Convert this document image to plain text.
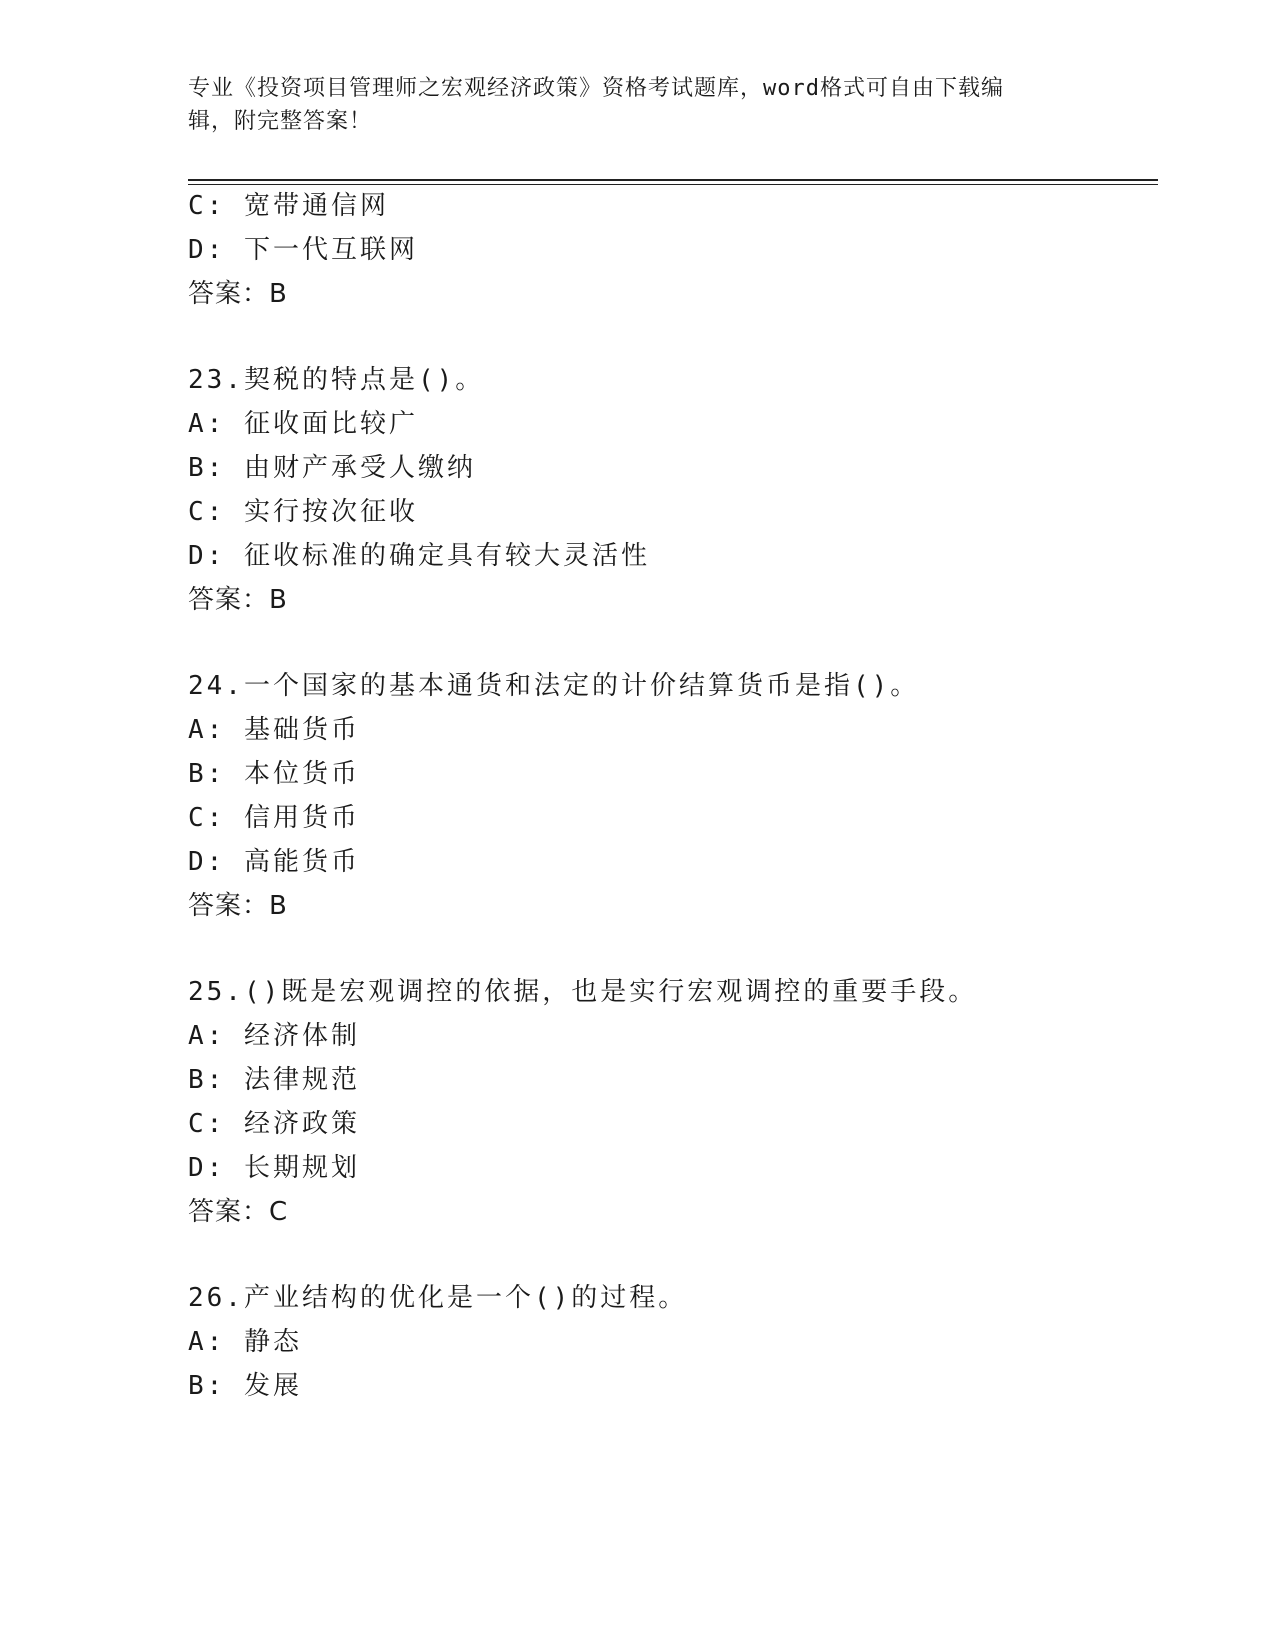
专业《投资项目管理师之宏观经济政策》资格考试题库，word格式可自由下载编
辑，附完整答案！
C: 宽带通信网
D: 下一代互联网
答案：B
23.契税的特点是()。
A: 征收面比较广
B: 由财产承受人缴纳
C: 实行按次征收
D: 征收标准的确定具有较大灵活性
答案：B
24.一个国家的基本通货和法定的计价结算货币是指()。
A: 基础货币
B: 本位货币
C: 信用货币
D: 高能货币
答案：B
25.()既是宏观调控的依据，也是实行宏观调控的重要手段。
A: 经济体制
B: 法律规范
C: 经济政策
D: 长期规划
答案：C
26.产业结构的优化是一个()的过程。
A: 静态
B: 发展
